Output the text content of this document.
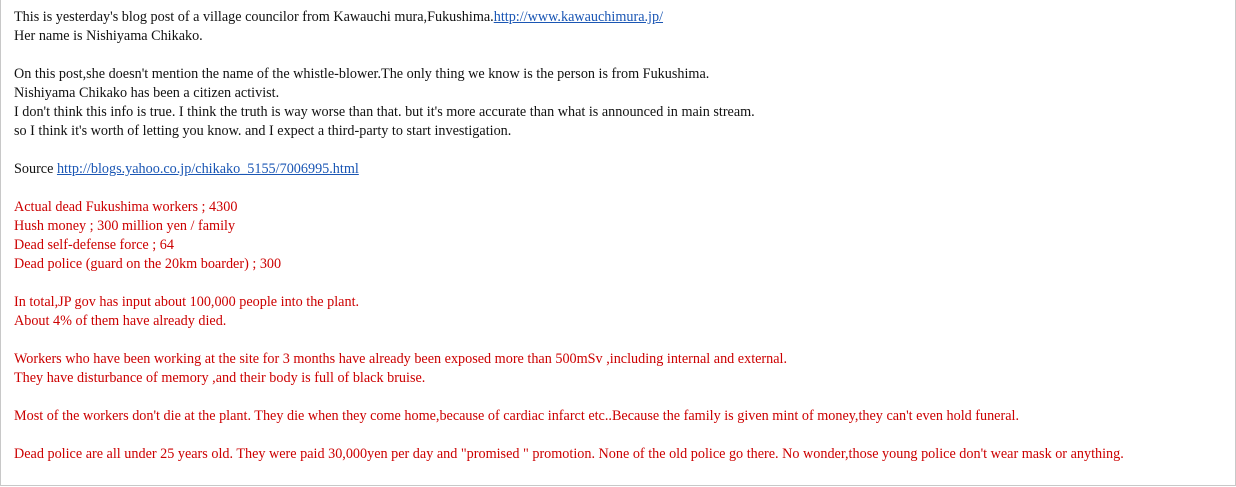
This is yesterday's blog post of a village councilor from Kawauchi mura,Fukushima.http://www.kawauchimura.jp/
Her name is Nishiyama Chikako.
On this post,she doesn't mention the name of the whistle-blower.The only thing we know is the person is from Fukushima.
Nishiyama Chikako has been a citizen activist.
I don't think this info is true. I think the truth is way worse than that. but it's more accurate than what is announced in main stream.
so I think it's worth of letting you know. and I expect a third-party to start investigation.
Source http://blogs.yahoo.co.jp/chikako_5155/7006995.html
Actual dead Fukushima workers ; 4300
Hush money ; 300 million yen / family
Dead self-defense force ; 64
Dead police (guard on the 20km boarder) ; 300
In total,JP gov has input about 100,000 people into the plant.
About 4% of them have already died.
Workers who have been working at the site for 3 months have already been exposed more than 500mSv ,including internal and external.
They have disturbance of memory ,and their body is full of black bruise.
Most of the workers don't die at the plant. They die when they come home,because of cardiac infarct etc..Because the family is given mint of money,they can't even hold funeral.
Dead police are all under 25 years old. They were paid 30,000yen per day and "promised " promotion. None of the old police go there. No wonder,those young police don't wear mask or anything.
